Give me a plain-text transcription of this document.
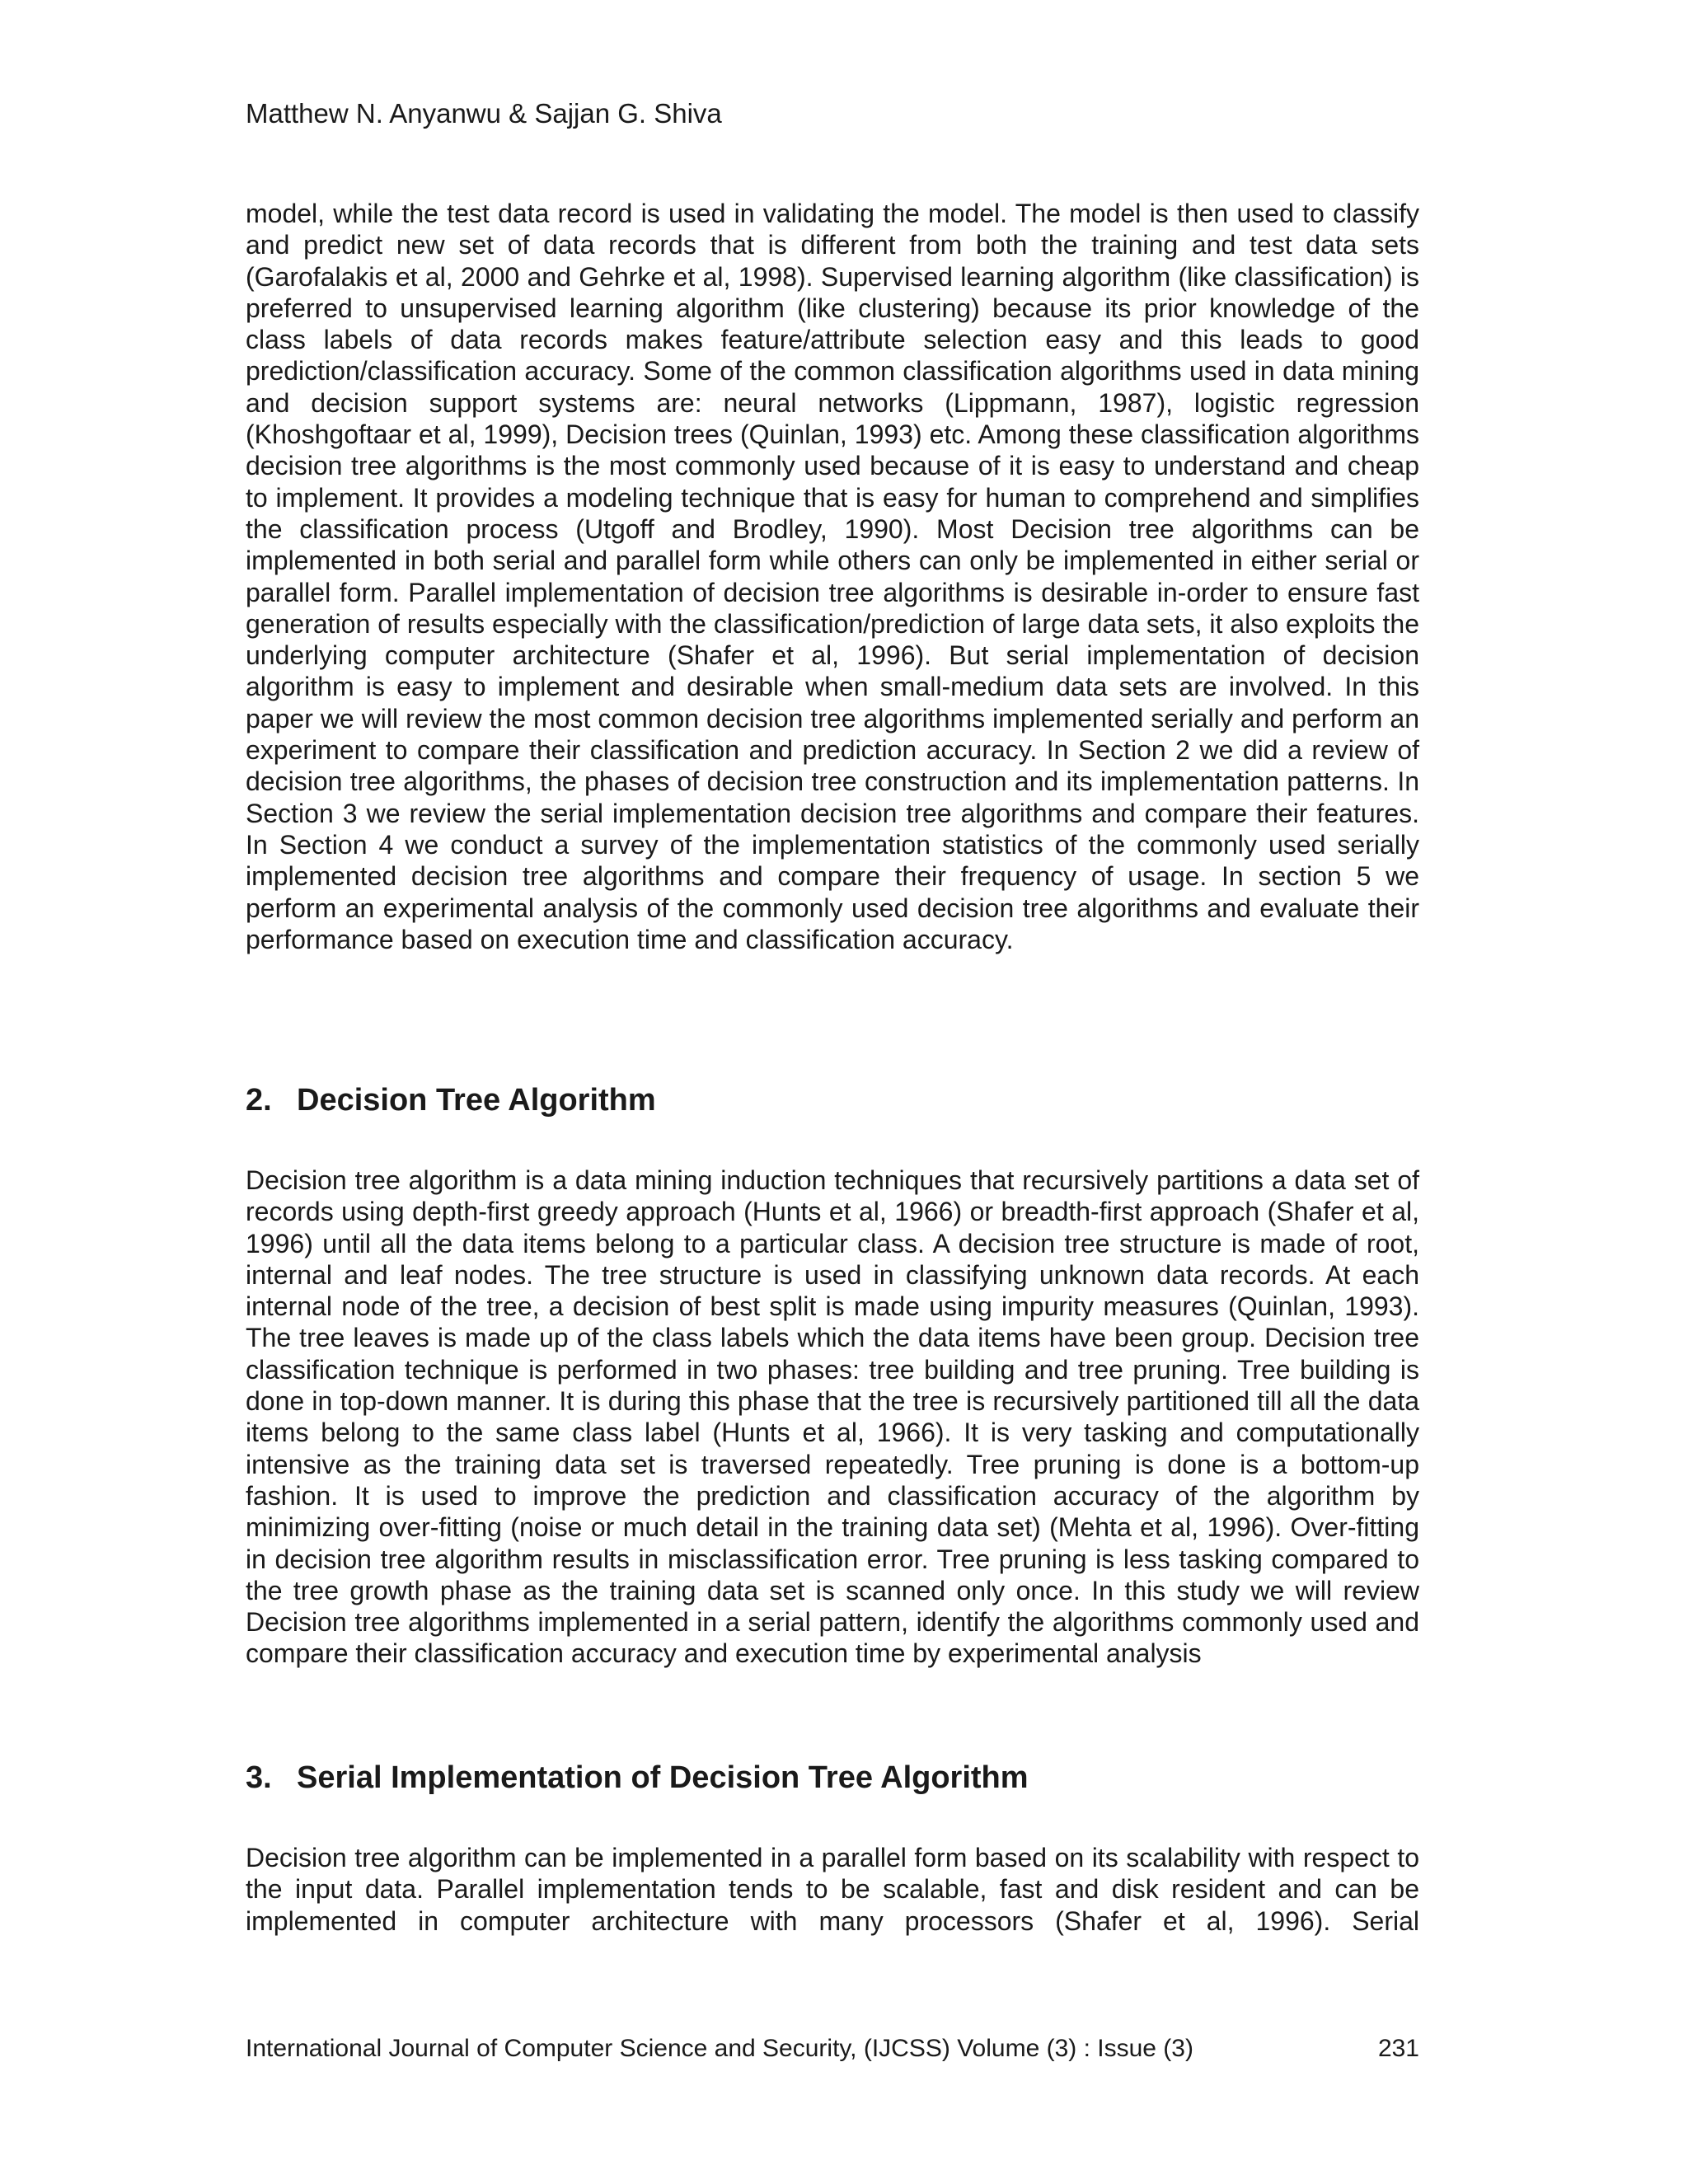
Matthew N. Anyanwu & Sajjan G. Shiva

model, while the test data record is used in validating the model. The model is then used to classify and predict new set of data records that is different from both the training and test data sets (Garofalakis et al, 2000 and Gehrke et al, 1998). Supervised learning algorithm (like classification) is preferred to unsupervised learning algorithm (like clustering) because its prior knowledge of the class labels of data records makes feature/attribute selection easy and this leads to good prediction/classification accuracy. Some of the common classification algorithms used in data mining and decision support systems are: neural networks (Lippmann, 1987), logistic regression (Khoshgoftaar et al, 1999), Decision trees (Quinlan, 1993) etc. Among these classification algorithms decision tree algorithms is the most commonly used because of it is easy to understand and cheap to implement. It provides a modeling technique that is easy for human to comprehend and simplifies the classification process (Utgoff and Brodley, 1990). Most Decision tree algorithms can be implemented in both serial and parallel form while others can only be implemented in either serial or parallel form. Parallel implementation of decision tree algorithms is desirable in-order to ensure fast generation of results especially with the classification/prediction of large data sets, it also exploits the underlying computer architecture (Shafer et al, 1996). But serial implementation of decision algorithm is easy to implement and desirable when small-medium data sets are involved. In this paper we will review the most common decision tree algorithms implemented serially and perform an experiment to compare their classification and prediction accuracy. In Section 2 we did a review of decision tree algorithms, the phases of decision tree construction and its implementation patterns. In Section 3 we review the serial implementation decision tree algorithms and compare their features. In Section 4 we conduct a survey of the implementation statistics of the commonly used serially implemented decision tree algorithms and compare their frequency of usage. In section 5 we perform an experimental analysis of the commonly used decision tree algorithms and evaluate their performance based on execution time and classification accuracy.

2. Decision Tree Algorithm

Decision tree algorithm is a data mining induction techniques that recursively partitions a data set of records using depth-first greedy approach (Hunts et al, 1966) or breadth-first approach (Shafer et al, 1996) until all the data items belong to a particular class. A decision tree structure is made of root, internal and leaf nodes. The tree structure is used in classifying unknown data records. At each internal node of the tree, a decision of best split is made using impurity measures (Quinlan, 1993). The tree leaves is made up of the class labels which the data items have been group. Decision tree classification technique is performed in two phases: tree building and tree pruning. Tree building is done in top-down manner. It is during this phase that the tree is recursively partitioned till all the data items belong to the same class label (Hunts et al, 1966). It is very tasking and computationally intensive as the training data set is traversed repeatedly. Tree pruning is done is a bottom-up fashion. It is used to improve the prediction and classification accuracy of the algorithm by minimizing over-fitting (noise or much detail in the training data set) (Mehta et al, 1996). Over-fitting in decision tree algorithm results in misclassification error. Tree pruning is less tasking compared to the tree growth phase as the training data set is scanned only once. In this study we will review Decision tree algorithms implemented in a serial pattern, identify the algorithms commonly used and compare their classification accuracy and execution time by experimental analysis

3. Serial Implementation of Decision Tree Algorithm

Decision tree algorithm can be implemented in a parallel form based on its scalability with respect to the input data. Parallel implementation tends to be scalable, fast and disk resident and can be implemented in computer architecture with many processors (Shafer et al, 1996). Serial

International Journal of Computer Science and Security, (IJCSS) Volume (3) : Issue (3)	231
